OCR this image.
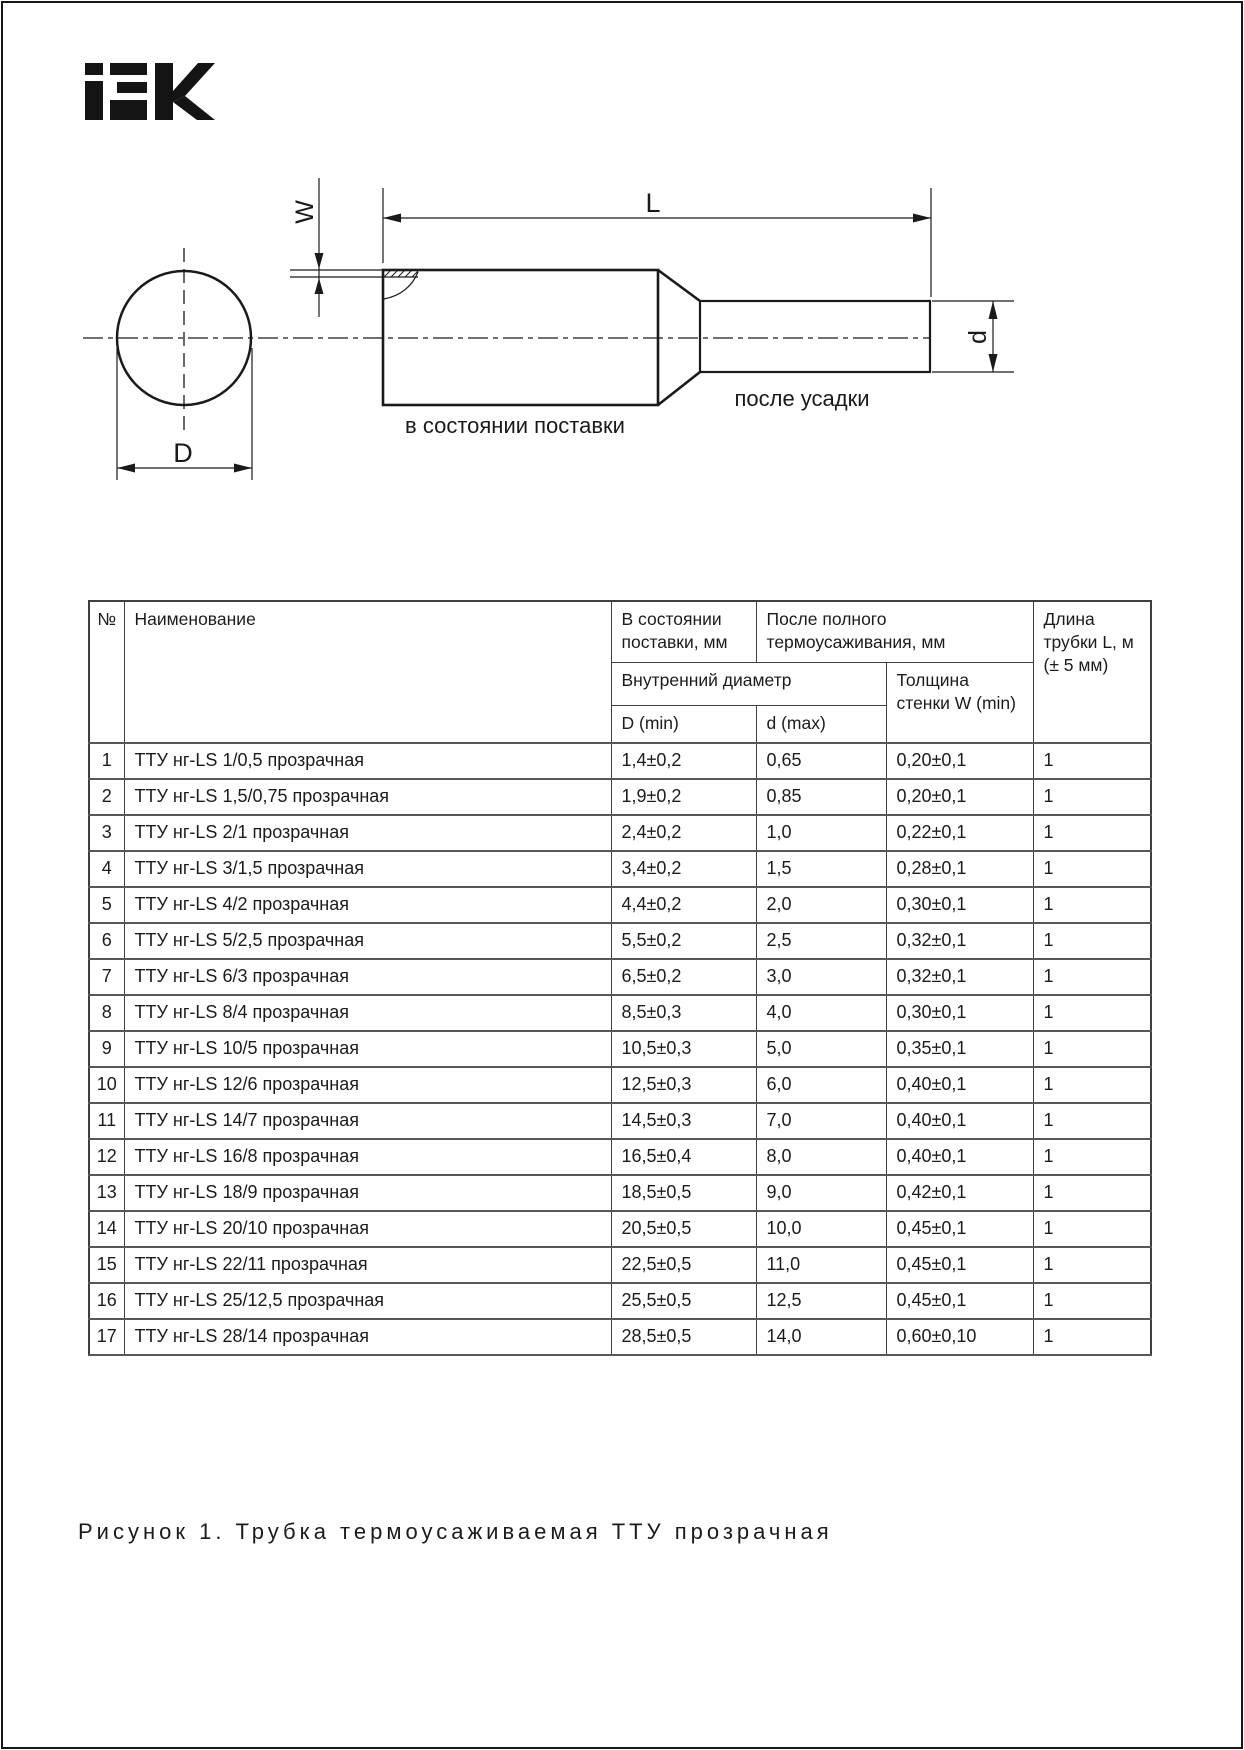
L
D
W
d
в состоянии поставки
после усадки
№	Наименование	В состоянии поставки, мм	После полного термоусаживания, мм		Длина трубки L, м (± 5 мм)
		Внутренний диаметр		Толщина стенки W (min)	
		D (min)	d (max)		
1	ТТУ нг-LS 1/0,5 прозрачная	1,4±0,2	0,65	0,20±0,1	1
2	ТТУ нг-LS 1,5/0,75 прозрачная	1,9±0,2	0,85	0,20±0,1	1
3	ТТУ нг-LS 2/1 прозрачная	2,4±0,2	1,0	0,22±0,1	1
4	ТТУ нг-LS 3/1,5 прозрачная	3,4±0,2	1,5	0,28±0,1	1
5	ТТУ нг-LS 4/2 прозрачная	4,4±0,2	2,0	0,30±0,1	1
6	ТТУ нг-LS 5/2,5 прозрачная	5,5±0,2	2,5	0,32±0,1	1
7	ТТУ нг-LS 6/3 прозрачная	6,5±0,2	3,0	0,32±0,1	1
8	ТТУ нг-LS 8/4 прозрачная	8,5±0,3	4,0	0,30±0,1	1
9	ТТУ нг-LS 10/5 прозрачная	10,5±0,3	5,0	0,35±0,1	1
10	ТТУ нг-LS 12/6 прозрачная	12,5±0,3	6,0	0,40±0,1	1
11	ТТУ нг-LS 14/7 прозрачная	14,5±0,3	7,0	0,40±0,1	1
12	ТТУ нг-LS 16/8 прозрачная	16,5±0,4	8,0	0,40±0,1	1
13	ТТУ нг-LS 18/9 прозрачная	18,5±0,5	9,0	0,42±0,1	1
14	ТТУ нг-LS 20/10 прозрачная	20,5±0,5	10,0	0,45±0,1	1
15	ТТУ нг-LS 22/11 прозрачная	22,5±0,5	11,0	0,45±0,1	1
16	ТТУ нг-LS 25/12,5 прозрачная	25,5±0,5	12,5	0,45±0,1	1
17	ТТУ нг-LS 28/14 прозрачная	28,5±0,5	14,0	0,60±0,10	1
Рисунок 1. Трубка термоусаживаемая ТТУ прозрачная
